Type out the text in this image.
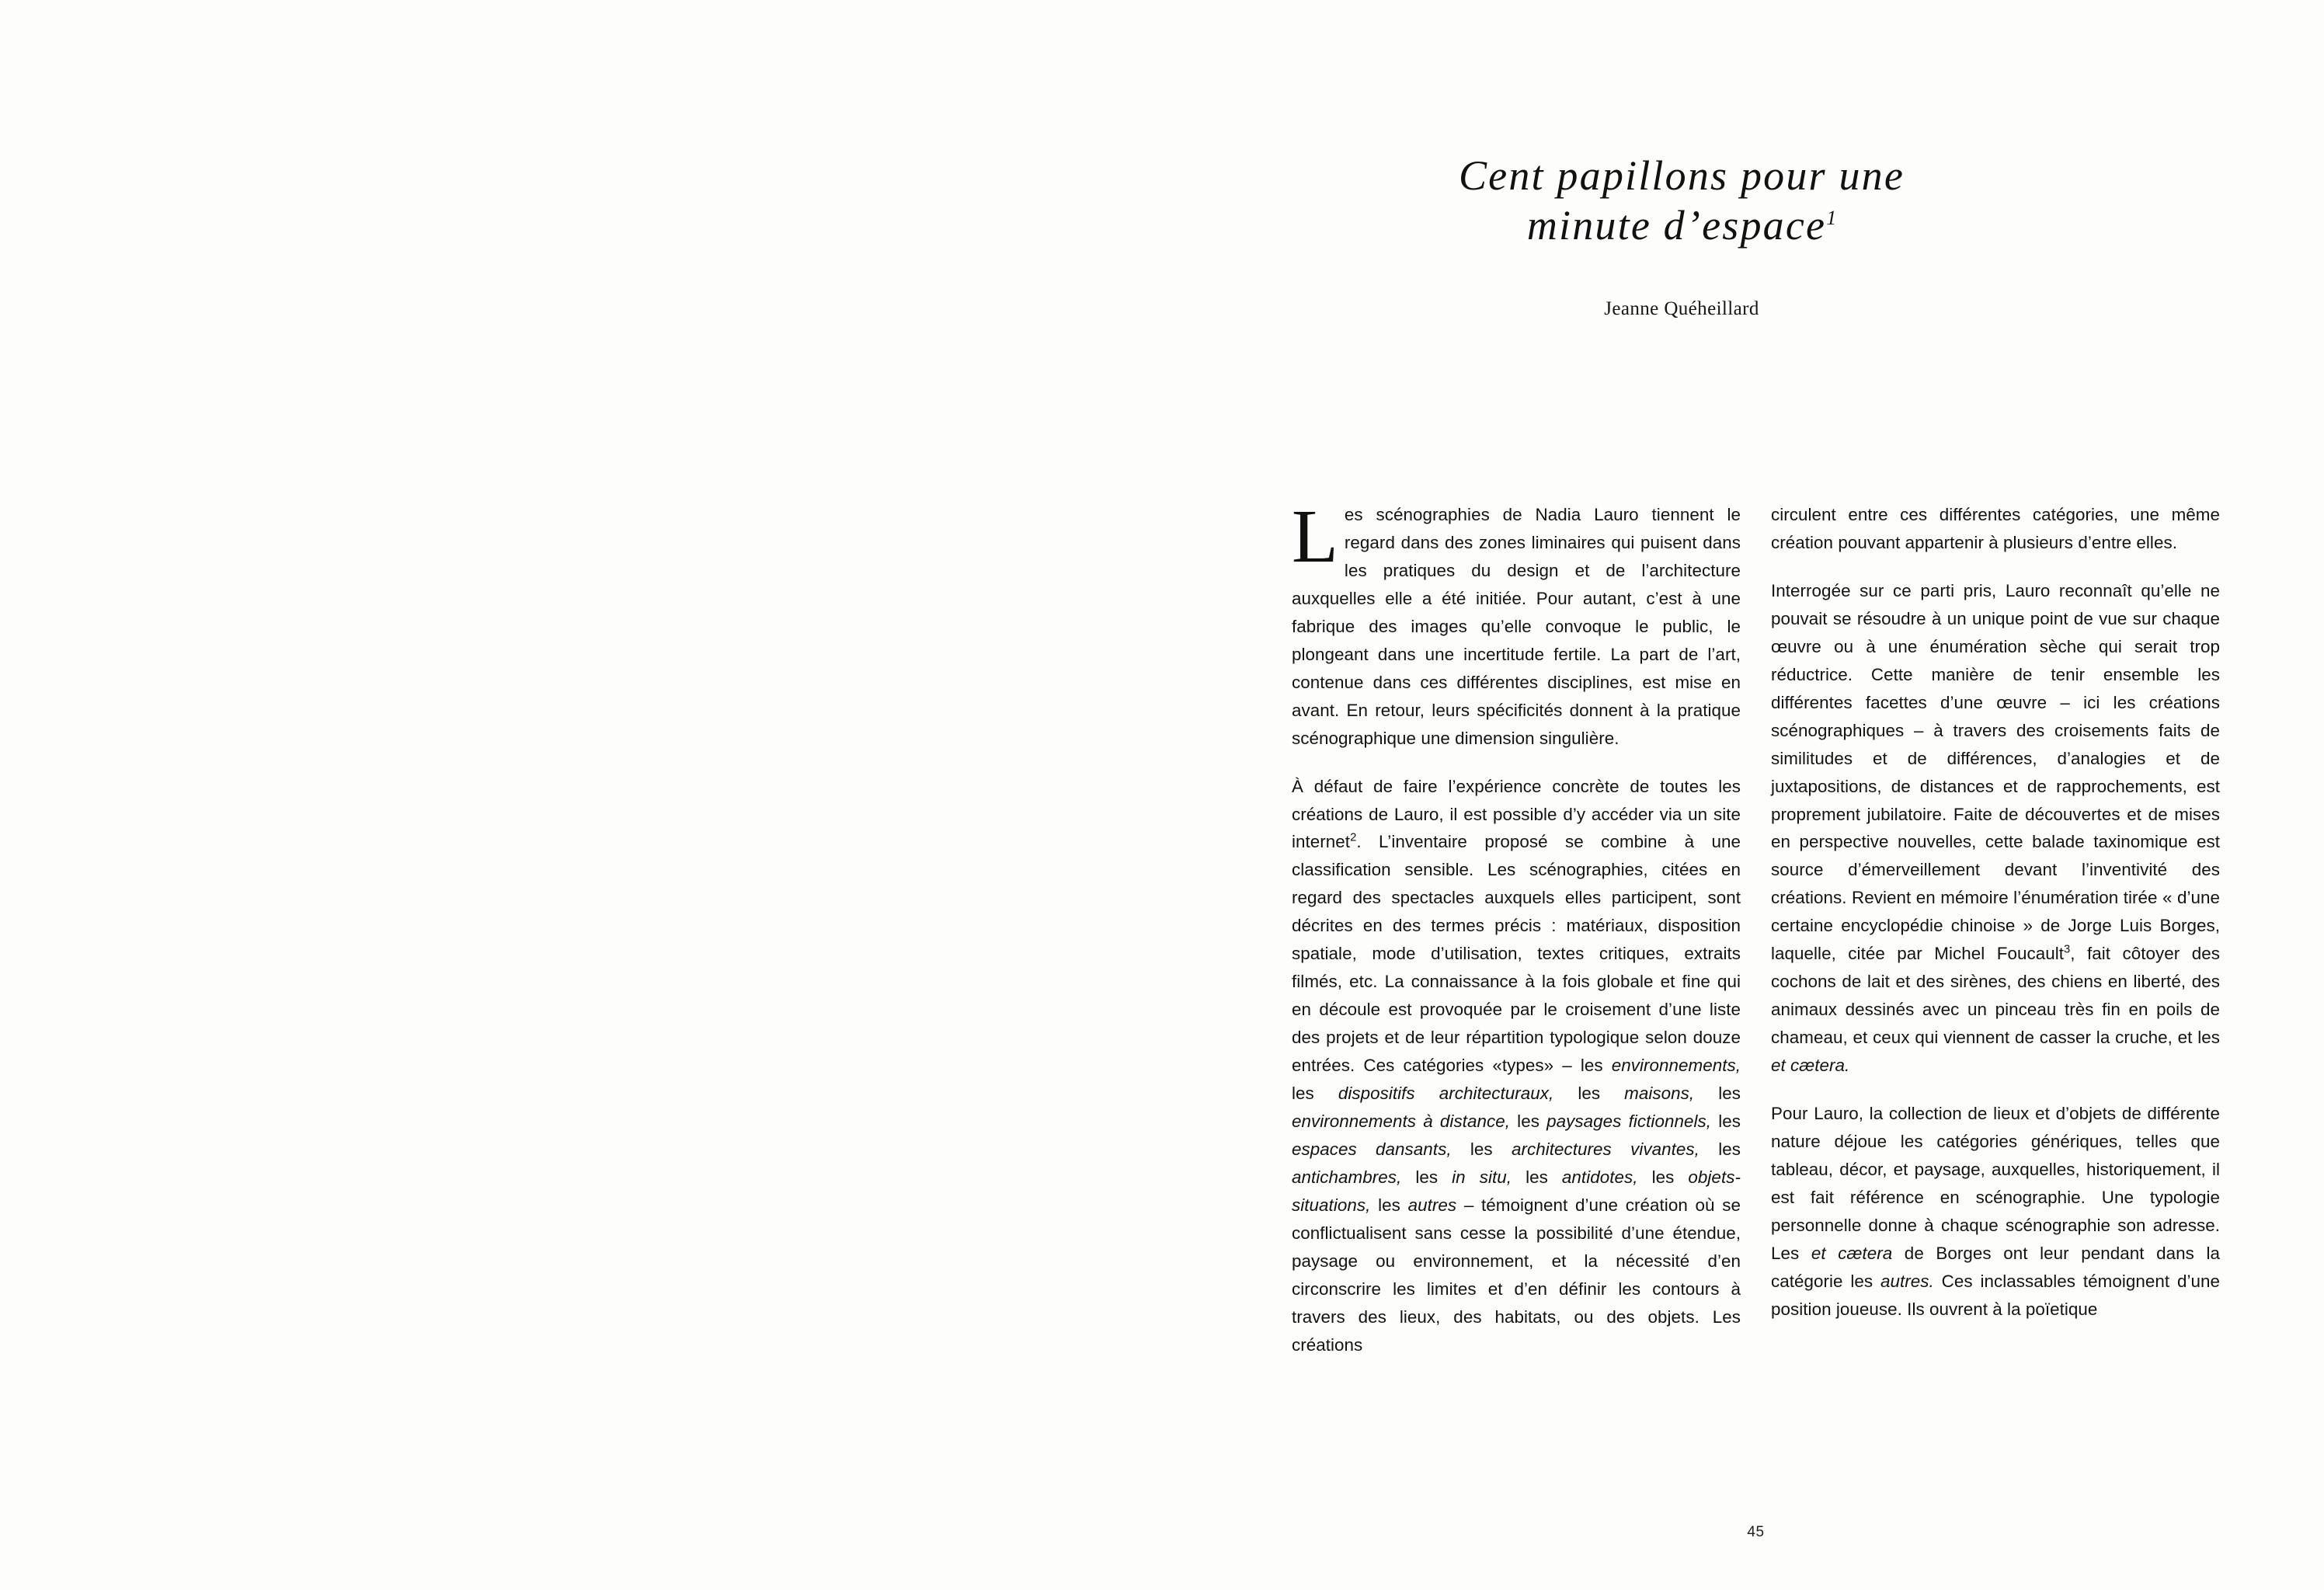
Cent papillons pour une
minute d’espace$^1$
Jeanne Quéheillard

Les scénographies de Nadia Lauro tiennent le regard dans des zones liminaires qui puisent dans les pratiques du design et de l’architecture auxquelles elle a été initiée. Pour autant, c’est à une fabrique des images qu’elle convoque le public, le plongeant dans une incertitude fertile. La part de l’art, contenue dans ces différentes disciplines, est mise en avant. En retour, leurs spécificités donnent à la pratique scénographique une dimension singulière.

À défaut de faire l’expérience concrète de toutes les créations de Lauro, il est possible d’y accéder via un site internet$^2$. L’inventaire proposé se combine à une classification sensible. Les scénographies, citées en regard des spectacles auxquels elles participent, sont décrites en des termes précis : matériaux, disposition spatiale, mode d’utilisation, textes critiques, extraits filmés, etc. La connaissance à la fois globale et fine qui en découle est provoquée par le croisement d’une liste des projets et de leur répartition typologique selon douze entrées. Ces catégories «types» – les environnements, les dispositifs architecturaux, les maisons, les environnements à distance, les paysages fictionnels, les espaces dansants, les architectures vivantes, les antichambres, les in situ, les antidotes, les objets-situations, les autres – témoignent d’une création où se conflictualisent sans cesse la possibilité d’une étendue, paysage ou environnement, et la nécessité d’en circonscrire les limites et d’en définir les contours à travers des lieux, des habitats, ou des objets. Les créations

circulent entre ces différentes catégories, une même création pouvant appartenir à plusieurs d’entre elles.

Interrogée sur ce parti pris, Lauro reconnaît qu’elle ne pouvait se résoudre à un unique point de vue sur chaque œuvre ou à une énumération sèche qui serait trop réductrice. Cette manière de tenir ensemble les différentes facettes d’une œuvre – ici les créations scénographiques – à travers des croisements faits de similitudes et de différences, d’analogies et de juxtapositions, de distances et de rapprochements, est proprement jubilatoire. Faite de découvertes et de mises en perspective nouvelles, cette balade taxinomique est source d’émerveillement devant l’inventivité des créations. Revient en mémoire l’énumération tirée « d’une certaine encyclopédie chinoise » de Jorge Luis Borges, laquelle, citée par Michel Foucault$^3$, fait côtoyer des cochons de lait et des sirènes, des chiens en liberté, des animaux dessinés avec un pinceau très fin en poils de chameau, et ceux qui viennent de casser la cruche, et les et cætera.

Pour Lauro, la collection de lieux et d’objets de différente nature déjoue les catégories génériques, telles que tableau, décor, et paysage, auxquelles, historiquement, il est fait référence en scénographie. Une typologie personnelle donne à chaque scénographie son adresse. Les et cætera de Borges ont leur pendant dans la catégorie les autres. Ces inclassables témoignent d’une position joueuse. Ils ouvrent à la poïetique

45
